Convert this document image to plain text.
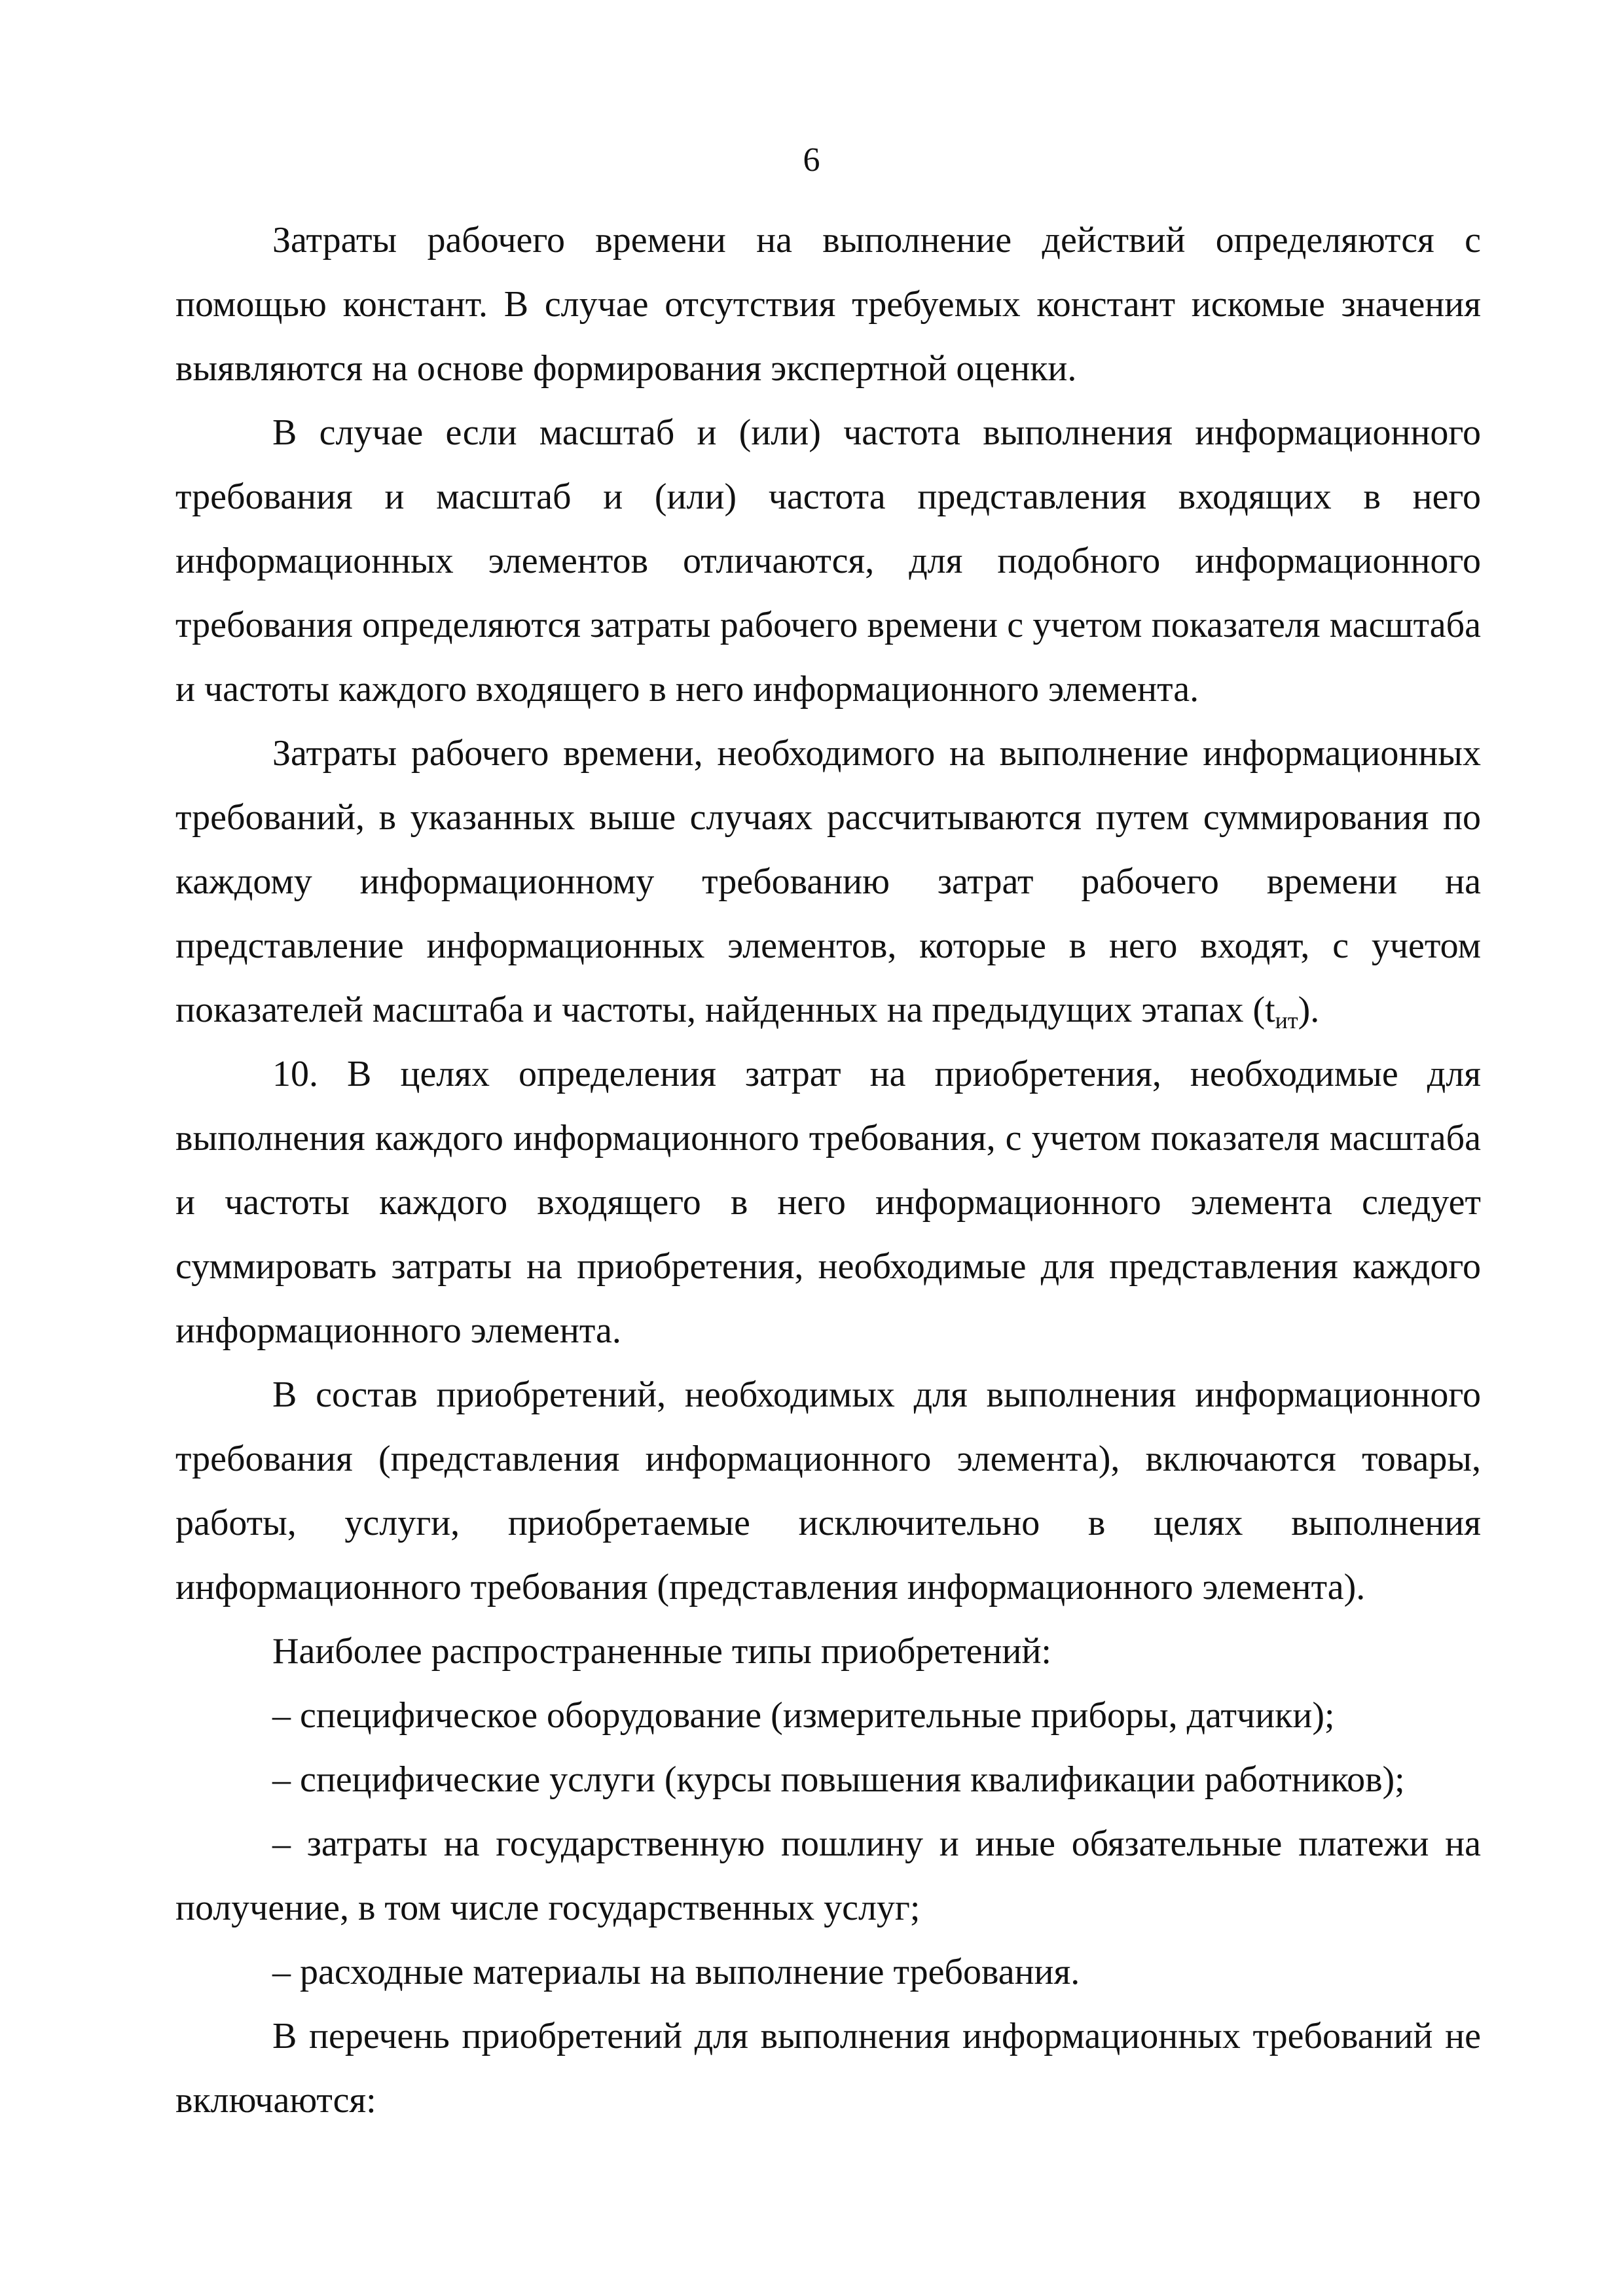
6

Затраты рабочего времени на выполнение действий определяются с помощью констант. В случае отсутствия требуемых констант искомые значения выявляются на основе формирования экспертной оценки.

В случае если масштаб и (или) частота выполнения информационного требования и масштаб и (или) частота представления входящих в него информационных элементов отличаются, для подобного информационного требования определяются затраты рабочего времени с учетом показателя масштаба и частоты каждого входящего в него информационного элемента.

Затраты рабочего времени, необходимого на выполнение информационных требований, в указанных выше случаях рассчитываются путем суммирования по каждому информационному требованию затрат рабочего времени на представление информационных элементов, которые в него входят, с учетом показателей масштаба и частоты, найденных на предыдущих этапах $(t_{ит})$.

10. В целях определения затрат на приобретения, необходимые для выполнения каждого информационного требования, с учетом показателя масштаба и частоты каждого входящего в него информационного элемента следует суммировать затраты на приобретения, необходимые для представления каждого информационного элемента.

В состав приобретений, необходимых для выполнения информационного требования (представления информационного элемента), включаются товары, работы, услуги, приобретаемые исключительно в целях выполнения информационного требования (представления информационного элемента).

Наиболее распространенные типы приобретений:

– специфическое оборудование (измерительные приборы, датчики);

– специфические услуги (курсы повышения квалификации работников);

– затраты на государственную пошлину и иные обязательные платежи на получение, в том числе государственных услуг;

– расходные материалы на выполнение требования.

В перечень приобретений для выполнения информационных требований не включаются:
